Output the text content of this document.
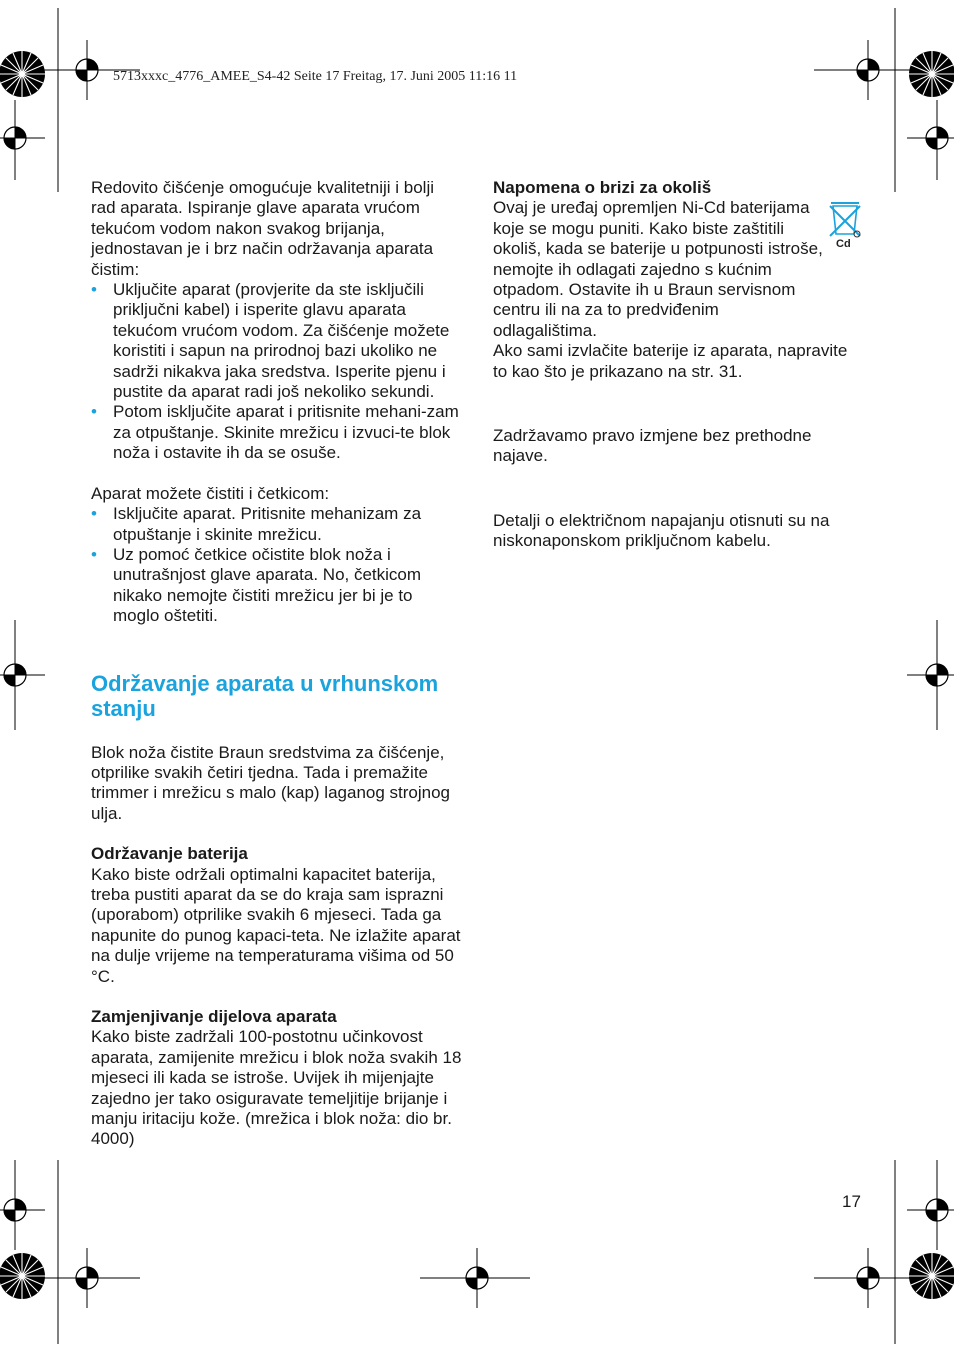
5713xxxc_4776_AMEE_S4-42 Seite 17 Freitag, 17. Juni 2005 11:16 11

Redovito čišćenje omogućuje kvalitetniji i bolji rad aparata. Ispiranje glave aparata vrućom tekućom vodom nakon svakog brijanja, jednostavan je i brz način održavanja aparata čistim:

• Uključite aparat (provjerite da ste isključili priključni kabel) i isperite glavu aparata tekućom vrućom vodom. Za čišćenje možete koristiti i sapun na prirodnoj bazi ukoliko ne sadrži nikakva jaka sredstva. Isperite pjenu i pustite da aparat radi još nekoliko sekundi.
• Potom isključite aparat i pritisnite mehani-zam za otpuštanje. Skinite mrežicu i izvuci-te blok noža i ostavite ih da se osuše.

Aparat možete čistiti i četkicom:

• Isključite aparat. Pritisnite mehanizam za otpuštanje i skinite mrežicu.
• Uz pomoć četkice očistite blok noža i unutrašnjost glave aparata. No, četkicom nikako nemojte čistiti mrežicu jer bi je to moglo oštetiti.
Održavanje aparata u vrhunskom stanju

Blok noža čistite Braun sredstvima za čišćenje, otprilike svakih četiri tjedna. Tada i premažite trimmer i mrežicu s malo (kap) laganog strojnog ulja.

Održavanje baterija

Kako biste održali optimalni kapacitet baterija, treba pustiti aparat da se do kraja sam isprazni (uporabom) otprilike svakih 6 mjeseci. Tada ga napunite do punog kapaci-teta. Ne izlažite aparat na dulje vrijeme na temperaturama višima od 50 °C.

Zamjenjivanje dijelova aparata

Kako biste zadržali 100-postotnu učinkovost aparata, zamijenite mrežicu i blok noža svakih 18 mjeseci ili kada se istroše. Uvijek ih mijenjajte zajedno jer tako osiguravate temeljitije brijanje i manju iritaciju kože. (mrežica i blok noža: dio br. 4000)

Napomena o brizi za okoliš

Ovaj je uređaj opremljen Ni-Cd baterijama koje se mogu puniti. Kako biste zaštitili okoliš, kada se baterije u potpunosti istroše, nemojte ih odlagati zajedno s kućnim otpadom. Ostavite ih u Braun servisnom centru ili na za to predviđenim odlagalištima.

Ako sami izvlačite baterije iz aparata, napravite to kao što je prikazano na str. 31.

Zadržavamo pravo izmjene bez prethodne najave.

Detalji o električnom napajanju otisnuti su na niskonaponskom priključnom kabelu.

Cd
17
